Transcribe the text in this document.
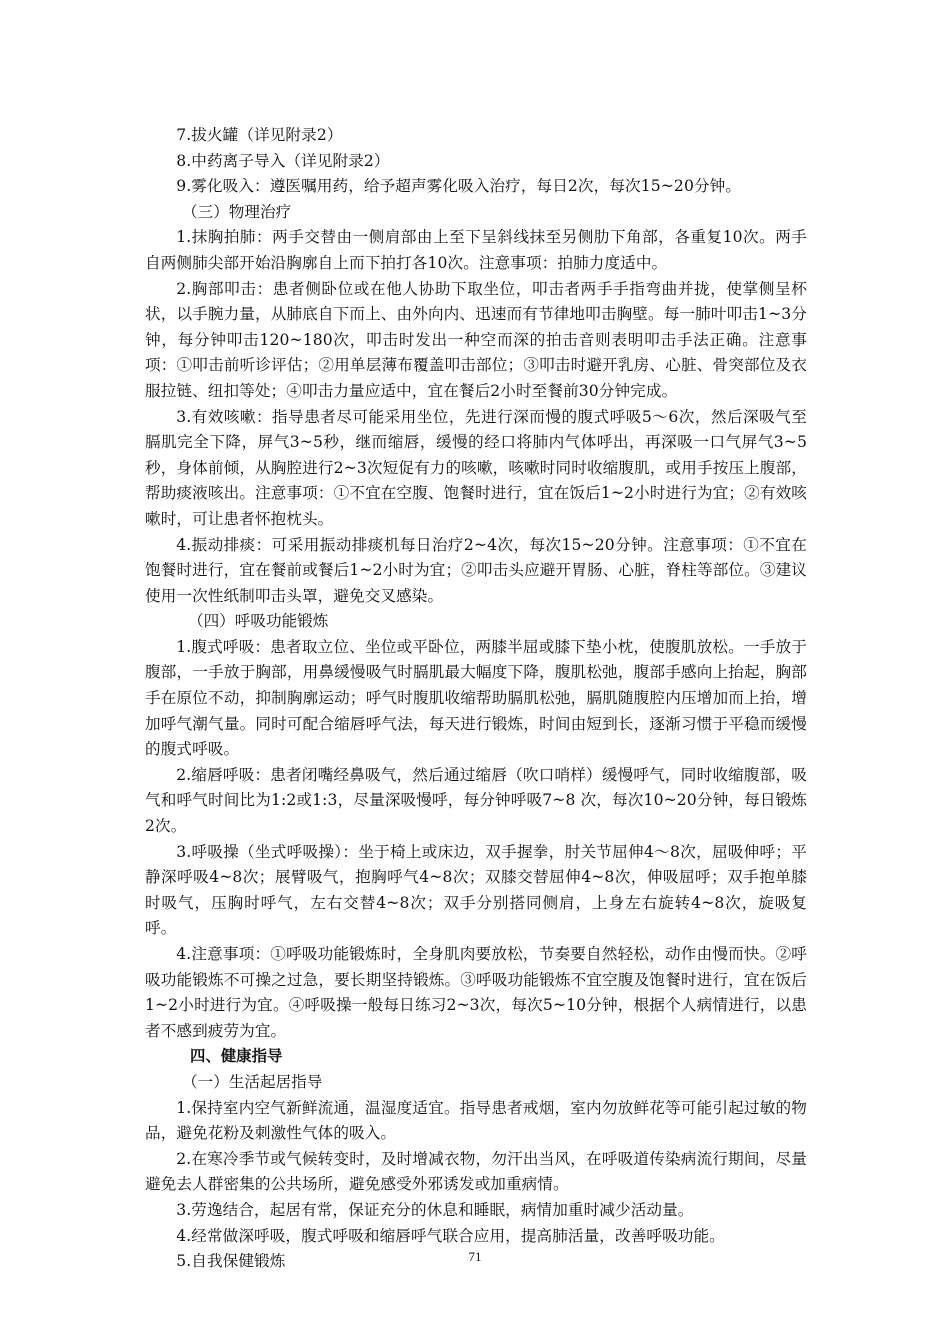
7.拔火罐（详见附录2）

8.中药离子导入（详见附录2）

9.雾化吸入：遵医嘱用药，给予超声雾化吸入治疗，每日2次，每次15~20分钟。

（三）物理治疗

1.抹胸拍肺：两手交替由一侧肩部由上至下呈斜线抹至另侧肋下角部，各重复10次。两手自两侧肺尖部开始沿胸廓自上而下拍打各10次。注意事项：拍肺力度适中。

2.胸部叩击：患者侧卧位或在他人协助下取坐位，叩击者两手手指弯曲并拢，使掌侧呈杯状，以手腕力量，从肺底自下而上、由外向内、迅速而有节律地叩击胸壁。每一肺叶叩击1~3分钟，每分钟叩击120~180次，叩击时发出一种空而深的拍击音则表明叩击手法正确。注意事项：①叩击前听诊评估；②用单层薄布覆盖叩击部位；③叩击时避开乳房、心脏、骨突部位及衣服拉链、纽扣等处；④叩击力量应适中，宜在餐后2小时至餐前30分钟完成。

3.有效咳嗽：指导患者尽可能采用坐位，先进行深而慢的腹式呼吸5～6次，然后深吸气至膈肌完全下降，屏气3~5秒，继而缩唇，缓慢的经口将肺内气体呼出，再深吸一口气屏气3~5秒，身体前倾，从胸腔进行2~3次短促有力的咳嗽，咳嗽时同时收缩腹肌，或用手按压上腹部，帮助痰液咳出。注意事项：①不宜在空腹、饱餐时进行，宜在饭后1~2小时进行为宜；②有效咳嗽时，可让患者怀抱枕头。

4.振动排痰：可采用振动排痰机每日治疗2~4次，每次15~20分钟。注意事项：①不宜在饱餐时进行，宜在餐前或餐后1~2小时为宜；②叩击头应避开胃肠、心脏，脊柱等部位。③建议使用一次性纸制叩击头罩，避免交叉感染。

（四）呼吸功能锻炼

1.腹式呼吸：患者取立位、坐位或平卧位，两膝半屈或膝下垫小枕，使腹肌放松。一手放于腹部，一手放于胸部，用鼻缓慢吸气时膈肌最大幅度下降，腹肌松弛，腹部手感向上抬起，胸部手在原位不动，抑制胸廓运动；呼气时腹肌收缩帮助膈肌松弛，膈肌随腹腔内压增加而上抬，增加呼气潮气量。同时可配合缩唇呼气法，每天进行锻炼，时间由短到长，逐渐习惯于平稳而缓慢的腹式呼吸。

2.缩唇呼吸：患者闭嘴经鼻吸气，然后通过缩唇（吹口哨样）缓慢呼气，同时收缩腹部，吸气和呼气时间比为1:2或1:3，尽量深吸慢呼，每分钟呼吸7~8 次，每次10~20分钟，每日锻炼2次。

3.呼吸操（坐式呼吸操）：坐于椅上或床边，双手握拳，肘关节屈伸4～8次，屈吸伸呼；平静深呼吸4~8次；展臂吸气，抱胸呼气4~8次；双膝交替屈伸4~8次，伸吸屈呼；双手抱单膝时吸气，压胸时呼气，左右交替4~8次；双手分别搭同侧肩，上身左右旋转4~8次，旋吸复呼。

4.注意事项：①呼吸功能锻炼时，全身肌肉要放松，节奏要自然轻松，动作由慢而快。②呼吸功能锻炼不可操之过急，要长期坚持锻炼。③呼吸功能锻炼不宜空腹及饱餐时进行，宜在饭后1~2小时进行为宜。④呼吸操一般每日练习2~3次，每次5~10分钟，根据个人病情进行，以患者不感到疲劳为宜。

四、健康指导

（一）生活起居指导

1.保持室内空气新鲜流通，温湿度适宜。指导患者戒烟，室内勿放鲜花等可能引起过敏的物品，避免花粉及刺激性气体的吸入。

2.在寒冷季节或气候转变时，及时增减衣物，勿汗出当风，在呼吸道传染病流行期间，尽量避免去人群密集的公共场所，避免感受外邪诱发或加重病情。

3.劳逸结合，起居有常，保证充分的休息和睡眠，病情加重时减少活动量。

4.经常做深呼吸，腹式呼吸和缩唇呼气联合应用，提高肺活量，改善呼吸功能。

5.自我保健锻炼	71
